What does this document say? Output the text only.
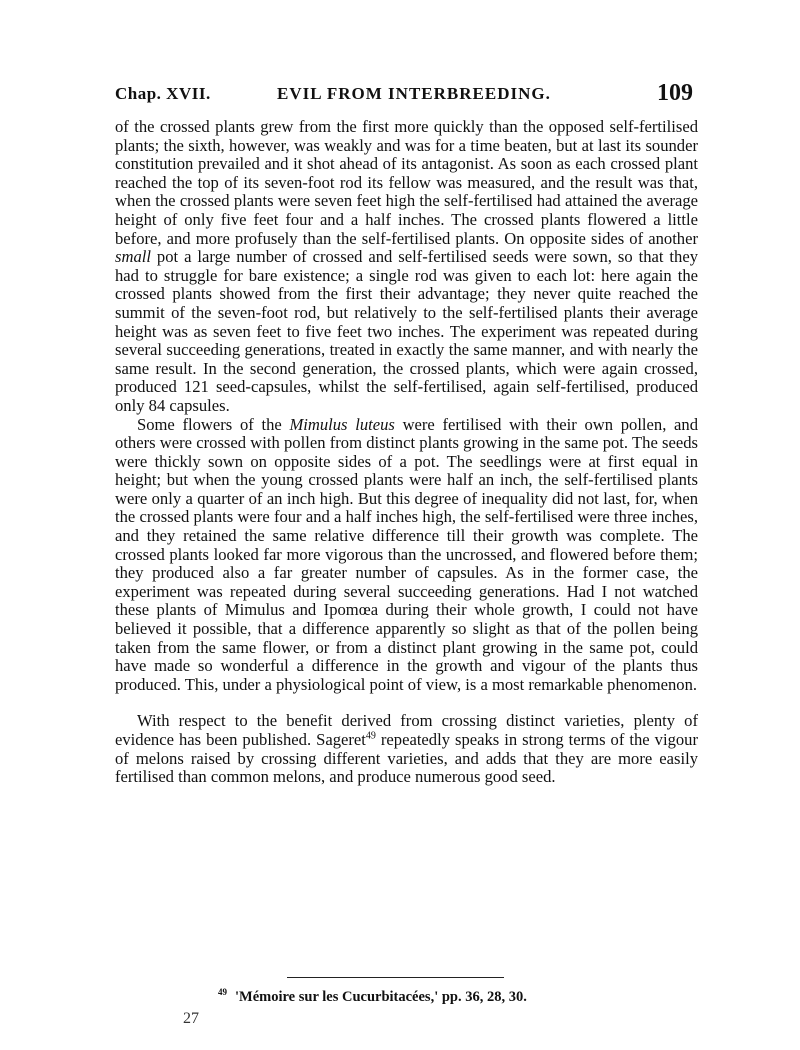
Chap. XVII.	EVIL FROM INTERBREEDING.	109

of the crossed plants grew from the first more quickly than the opposed self-fertilised plants; the sixth, however, was weakly and was for a time beaten, but at last its sounder constitution prevailed and it shot ahead of its antagonist. As soon as each crossed plant reached the top of its seven-foot rod its fellow was measured, and the result was that, when the crossed plants were seven feet high the self-fertilised had attained the average height of only five feet four and a half inches. The crossed plants flowered a little before, and more profusely than the self-fertilised plants. On opposite sides of another small pot a large number of crossed and self-fertilised seeds were sown, so that they had to struggle for bare existence; a single rod was given to each lot: here again the crossed plants showed from the first their advantage; they never quite reached the summit of the seven-foot rod, but relatively to the self-fertilised plants their average height was as seven feet to five feet two inches. The experiment was repeated during several succeeding generations, treated in exactly the same manner, and with nearly the same result. In the second generation, the crossed plants, which were again crossed, produced 121 seed-capsules, whilst the self-fertilised, again self-fertilised, produced only 84 capsules.

Some flowers of the Mimulus luteus were fertilised with their own pollen, and others were crossed with pollen from distinct plants growing in the same pot. The seeds were thickly sown on opposite sides of a pot. The seedlings were at first equal in height; but when the young crossed plants were half an inch, the self-fertilised plants were only a quarter of an inch high. But this degree of inequality did not last, for, when the crossed plants were four and a half inches high, the self-fertilised were three inches, and they retained the same relative difference till their growth was complete. The crossed plants looked far more vigorous than the uncrossed, and flowered before them; they produced also a far greater number of capsules. As in the former case, the experiment was repeated during several succeeding generations. Had I not watched these plants of Mimulus and Ipomœa during their whole growth, I could not have believed it possible, that a difference apparently so slight as that of the pollen being taken from the same flower, or from a distinct plant growing in the same pot, could have made so wonderful a difference in the growth and vigour of the plants thus produced. This, under a physiological point of view, is a most remarkable phenomenon.

With respect to the benefit derived from crossing distinct varieties, plenty of evidence has been published. Sageret$^{49}$ repeatedly speaks in strong terms of the vigour of melons raised by crossing different varieties, and adds that they are more easily fertilised than common melons, and produce numerous good seed.

$^{49}$ 'Mémoire sur les Cucurbitacées,' pp. 36, 28, 30.
27
